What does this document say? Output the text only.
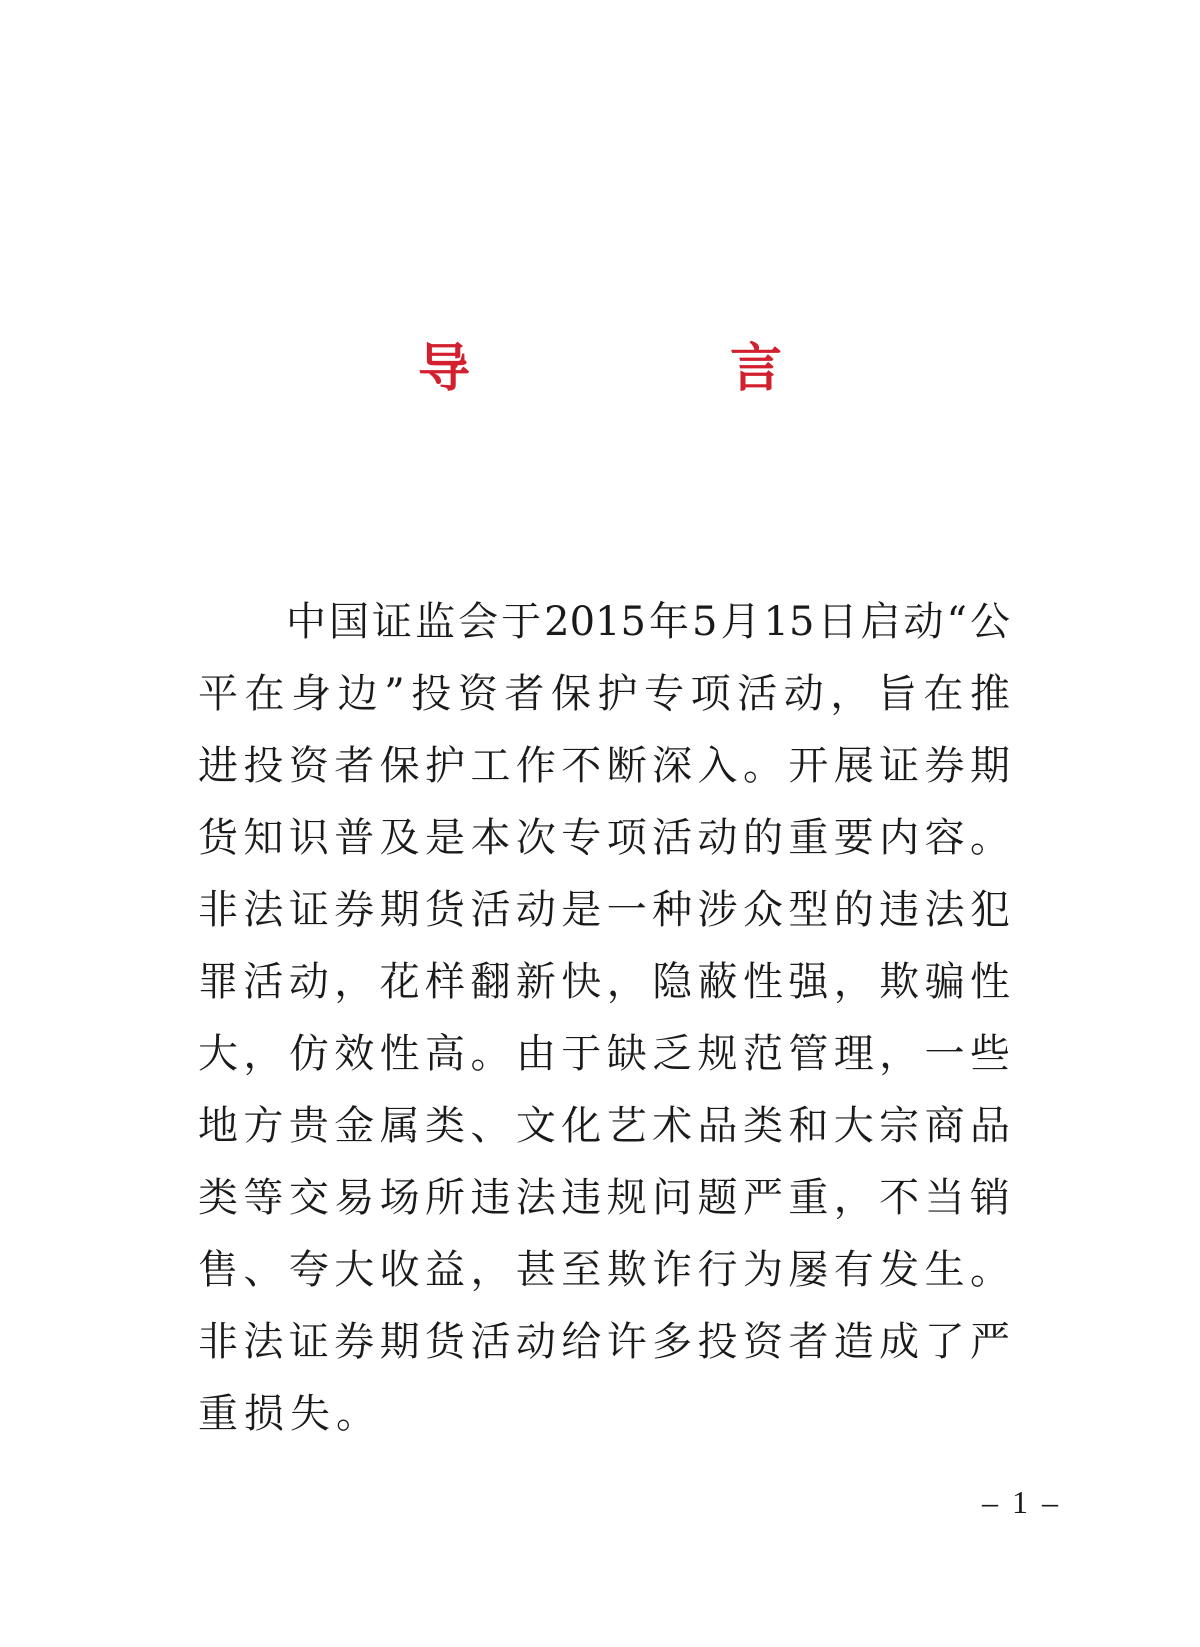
导　言
中国证监会于2015年5月15日启动“公
平在身边”投资者保护专项活动，旨在推
进投资者保护工作不断深入。开展证券期
货知识普及是本次专项活动的重要内容。
非法证券期货活动是一种涉众型的违法犯
罪活动，花样翻新快，隐蔽性强，欺骗性
大，仿效性高。由于缺乏规范管理，一些
地方贵金属类、文化艺术品类和大宗商品
类等交易场所违法违规问题严重，不当销
售、夸大收益，甚至欺诈行为屡有发生。
非法证券期货活动给许多投资者造成了严
重损失。
– 1 –
